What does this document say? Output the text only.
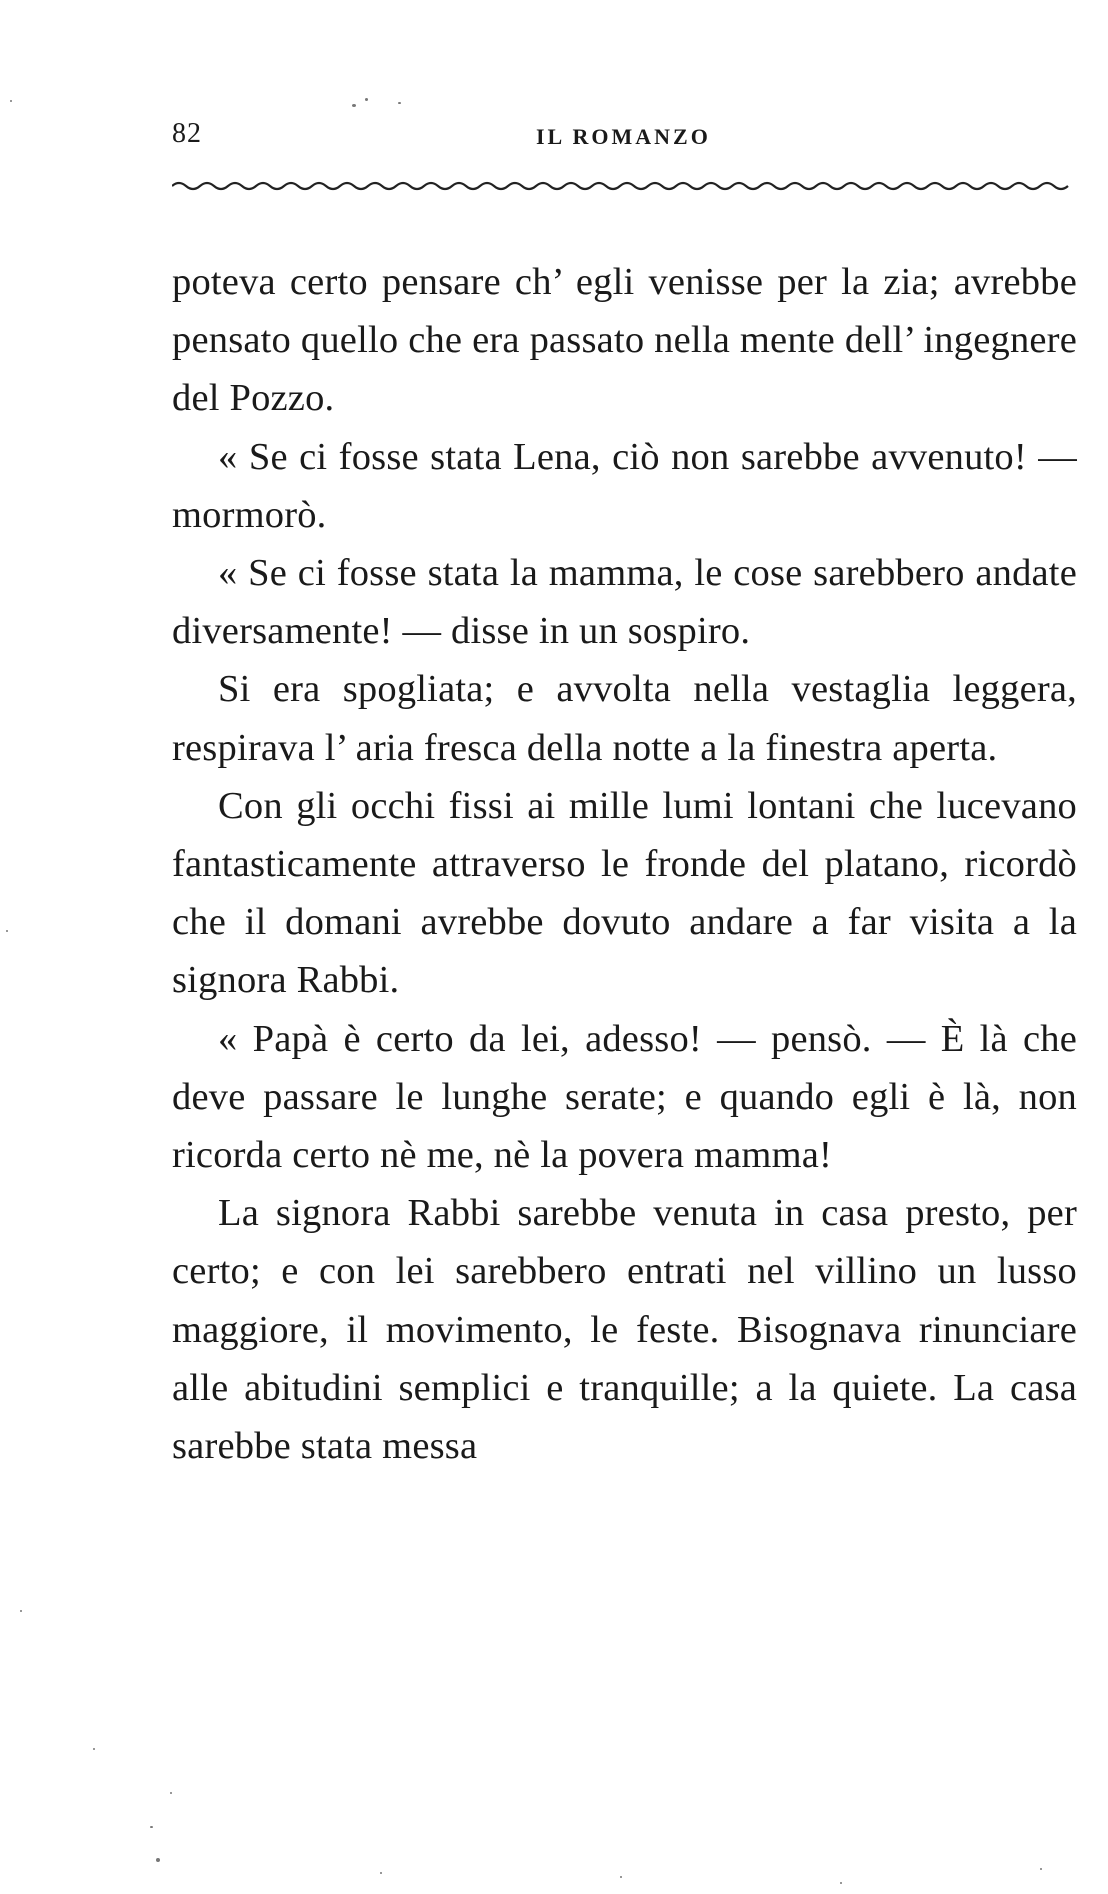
82	IL ROMANZO

poteva certo pensare ch’ egli venisse per la zia; avrebbe pensato quello che era passato nella mente dell’ ingegnere del Pozzo.

« Se ci fosse stata Lena, ciò non sarebbe avvenuto! — mormorò.

« Se ci fosse stata la mamma, le cose sarebbero andate diversamente! — disse in un sospiro.

Si era spogliata; e avvolta nella vestaglia leggera, respirava l’ aria fresca della notte a la finestra aperta.

Con gli occhi fissi ai mille lumi lontani che lucevano fantasticamente attraverso le fronde del platano, ricordò che il domani avrebbe dovuto andare a far visita a la signora Rabbi.

« Papà è certo da lei, adesso! — pensò. — È là che deve passare le lunghe serate; e quando egli è là, non ricorda certo nè me, nè la povera mamma!

La signora Rabbi sarebbe venuta in casa presto, per certo; e con lei sarebbero entrati nel villino un lusso maggiore, il movimento, le feste. Bisognava rinunciare alle abitudini semplici e tranquille; a la quiete. La casa sarebbe stata messa
